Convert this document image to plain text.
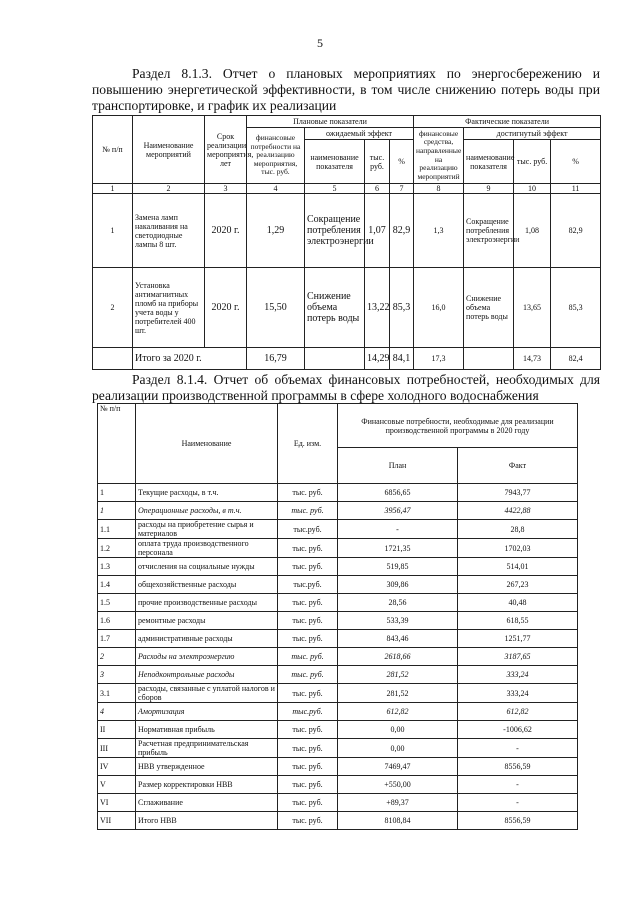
5
Раздел 8.1.3. Отчет о плановых мероприятиях по энергосбережению и повышению энергетической эффективности, в том числе снижению потерь воды при транспортировке, и график их реализации
№ п/п	Наименование мероприятий	Срок реализации мероприятия, лет	Плановые показатели				Фактические показатели			
			финансовые потребности на реализацию мероприятия, тыс. руб.	ожидаемый эффект			финансовые средства, направленные на реализацию мероприятий	достигнутый эффект		
				наименование показателя	тыс. руб.	%		наименование показателя	тыс. руб.	%
1	2	3	4	5	6	7	8	9	10	11
1	Замена ламп накаливания на светодиодные лампы 8 шт.	2020 г.	1,29	Сокращение потребления электроэнергии	1,07	82,9	1,3	Сокращение потребления электроэнергии	1,08	82,9
2	Установка антимагнитных пломб на приборы учета воды у потребителей 400 шт.	2020 г.	15,50	Снижение объема потерь воды	13,22	85,3	16,0	Снижение объема потерь воды	13,65	85,3
	Итого за 2020 г.		16,79		14,29	84,1	17,3		14,73	82,4
Раздел 8.1.4. Отчет об объемах финансовых потребностей, необходимых для реализации производственной программы в сфере холодного водоснабжения
№ п/п	Наименование	Ед. изм.	Финансовые потребности, необходимые для реализации производственной программы в 2020 году	
			План	Факт
1	Текущие расходы, в т.ч.	тыс. руб.	6856,65	7943,77
1	Операционные расходы, в т.ч.	тыс. руб.	3956,47	4422,88
1.1	расходы на приобретение сырья и материалов	тыс.руб.	-	28,8
1.2	оплата труда производственного персонала	тыс. руб.	1721,35	1702,03
1.3	отчисления на социальные нужды	тыс. руб.	519,85	514,01
1.4	общехозяйственные расходы	тыс.руб.	309,86	267,23
1.5	прочие производственные расходы	тыс. руб.	28,56	40,48
1.6	ремонтные расходы	тыс. руб.	533,39	618,55
1.7	административные расходы	тыс. руб.	843,46	1251,77
2	Расходы на электроэнергию	тыс. руб.	2618,66	3187,65
3	Неподконтрольные расходы	тыс. руб.	281,52	333,24
3.1	расходы, связанные с уплатой налогов и сборов	тыс. руб.	281,52	333,24
4	Амортизация	тыс.руб.	612,82	612,82
II	Нормативная прибыль	тыс. руб.	0,00	-1006,62
III	Расчетная предпринимательская прибыль	тыс. руб.	0,00	-
IV	НВВ утвержденное	тыс. руб.	7469,47	8556,59
V	Размер корректировки НВВ	тыс. руб.	+550,00	-
VI	Сглаживание	тыс. руб.	+89,37	-
VII	Итого НВВ	тыс. руб.	8108,84	8556,59
